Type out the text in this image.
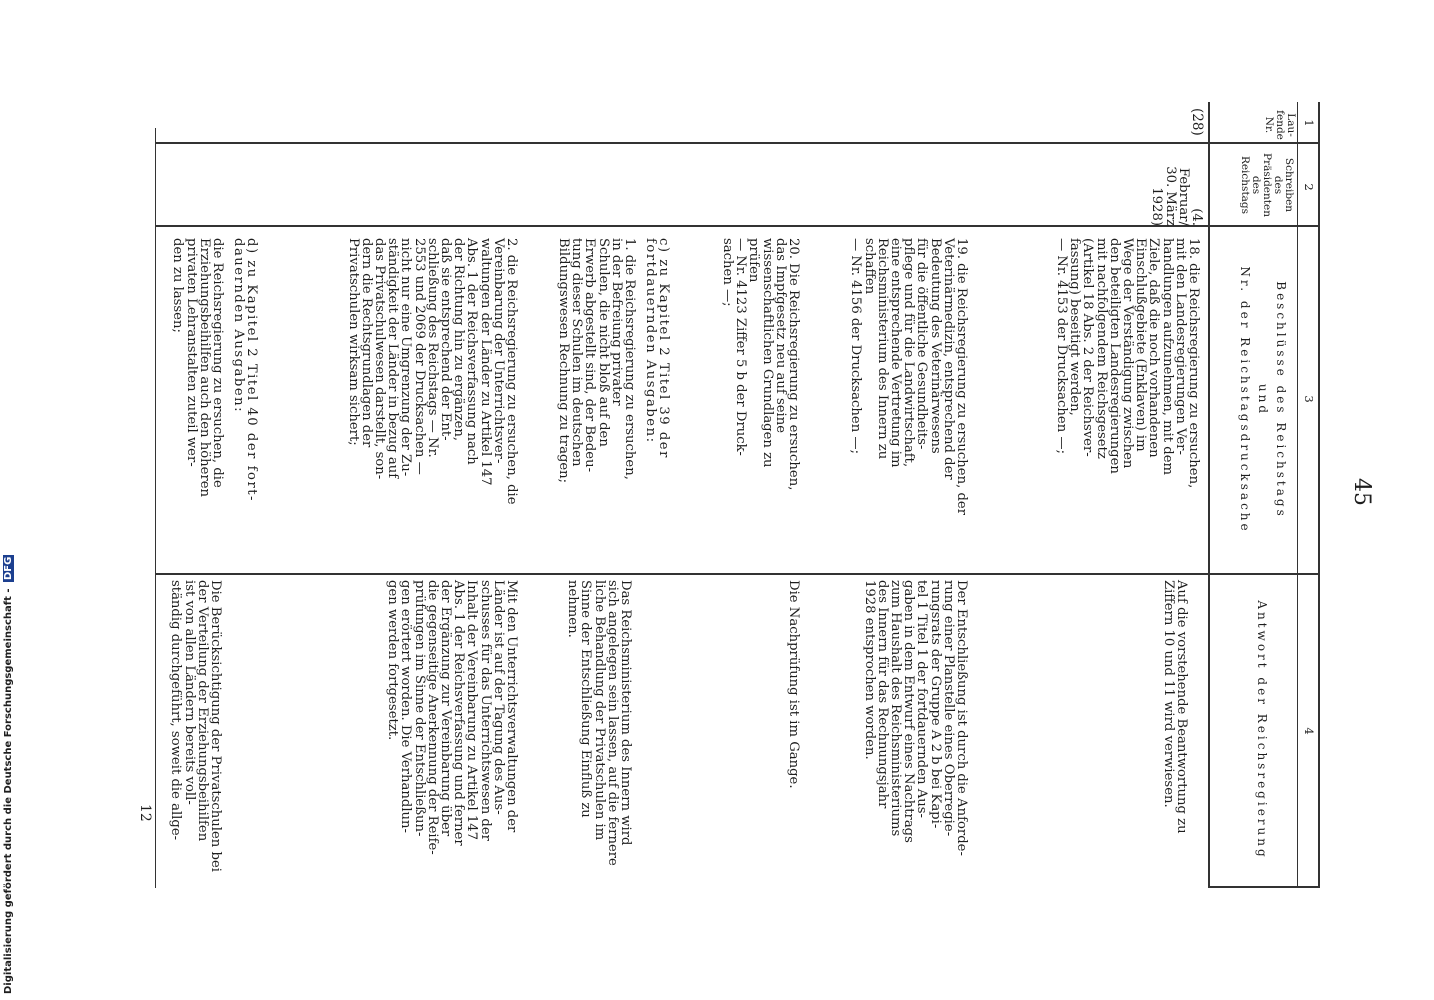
45
1
2
3
4
Lau-
fende
Nr.
Schreiben
des
Präsidenten
des
Reichstags
Beschlüsse des Reichstags
und
Nr. der Reichstagsdrucksache
Antwort der Reichsregierung
(28)
(4. Februar/
30. März
1928)
18. die Reichsregierung zu ersuchen,
mit den Landesregierungen Ver-
handlungen aufzunehmen, mit dem
Ziele, daß die noch vorhandenen
Einschlußgebiete (Enklaven) im
Wege der Verständigung zwischen
den beteiligten Landesregierungen
mit nachfolgendem Reichsgesetz
(Artikel 18 Abs. 2 der Reichsver-
fassung) beseitigt werden,
— Nr. 4153 der Drucksachen —;
19. die Reichsregierung zu ersuchen, der
Veterinärmedizin, entsprechend der
Bedeutung des Veterinärwesens
für die öffentliche Gesundheits-
pflege und für die Landwirtschaft,
eine entsprechende Vertretung im
Reichsministerium des Innern zu
schaffen
— Nr. 4156 der Drucksachen —;
20. Die Reichsregierung zu ersuchen,
das Impfgesetz neu auf seine
wissenschaftlichen Grundlagen zu
prüfen
— Nr. 4123 Ziffer 5 b der Druck-
sachen —;
c) zu Kapitel 2 Titel 39 der
fortdauernden Ausgaben:
1. die Reichsregierung zu ersuchen,
in der Befreiung privater
Schulen, die nicht bloß auf den
Erwerb abgestellt sind, der Bedeu-
tung dieser Schulen im deutschen
Bildungswesen Rechnung zu tragen;
2. die Reichsregierung zu ersuchen, die
Vereinbarung der Unterrichtsver-
waltungen der Länder zu Artikel 147
Abs. 1 der Reichsverfassung nach
der Richtung hin zu ergänzen,
daß sie entsprechend der Ent-
schließung des Reichstags — Nr.
2553 und 2069 der Drucksachen —
nicht nur eine Umgrenzung der Zu-
ständigkeit der Länder in bezug auf
das Privatschulwesen darstellt, son-
dern die Rechtsgrundlagen der
Privatschulen wirksam sichert;
d) zu Kapitel 2 Titel 40 der fort-
dauernden Ausgaben:
die Reichsregierung zu ersuchen, die
Erziehungsbeihilfen auch den höheren
privaten Lehranstalten zuteil wer-
den zu lassen;
Auf die vorstehende Beantwortung zu
Ziffern 10 und 11 wird verwiesen.
Der Entschließung ist durch die Anforde-
rung einer Planstelle eines Oberregie-
rungsrats der Gruppe A 2 b bei Kapi-
tel 1 Titel 1 der fortdauernden Aus-
gaben in dem Entwurf eines Nachtrags
zum Haushalt des Reichsministeriums
des Innern für das Rechnungsjahr
1928 entsprochen worden.
Die Nachprüfung ist im Gange.
Das Reichsministerium des Innern wird
sich angelegen sein lassen, auf die fernere
liche Behandlung der Privatschulen im
Sinne der Entschließung Einfluß zu
nehmen.
Mit den Unterrichtsverwaltungen der
Länder ist auf der Tagung des Aus-
schusses für das Unterrichtswesen der
Inhalt der Vereinbarung zu Artikel 147
Abs. 1 der Reichsverfassung und ferner
der Ergänzung zur Vereinbarung über
die gegenseitige Anerkennung der Reife-
prüfungen im Sinne der Entschließun-
gen erörtert worden. Die Verhandlun-
gen werden fortgesetzt.
Die Berücksichtigung der Privatschulen bei
der Verteilung der Erziehungsbeihilfen
ist von allen Ländern bereits voll-
ständig durchgeführt, soweit die allge-
12
Digitalisierung gefördert durch die Deutsche Forschungsgemeinschaft - DFG
